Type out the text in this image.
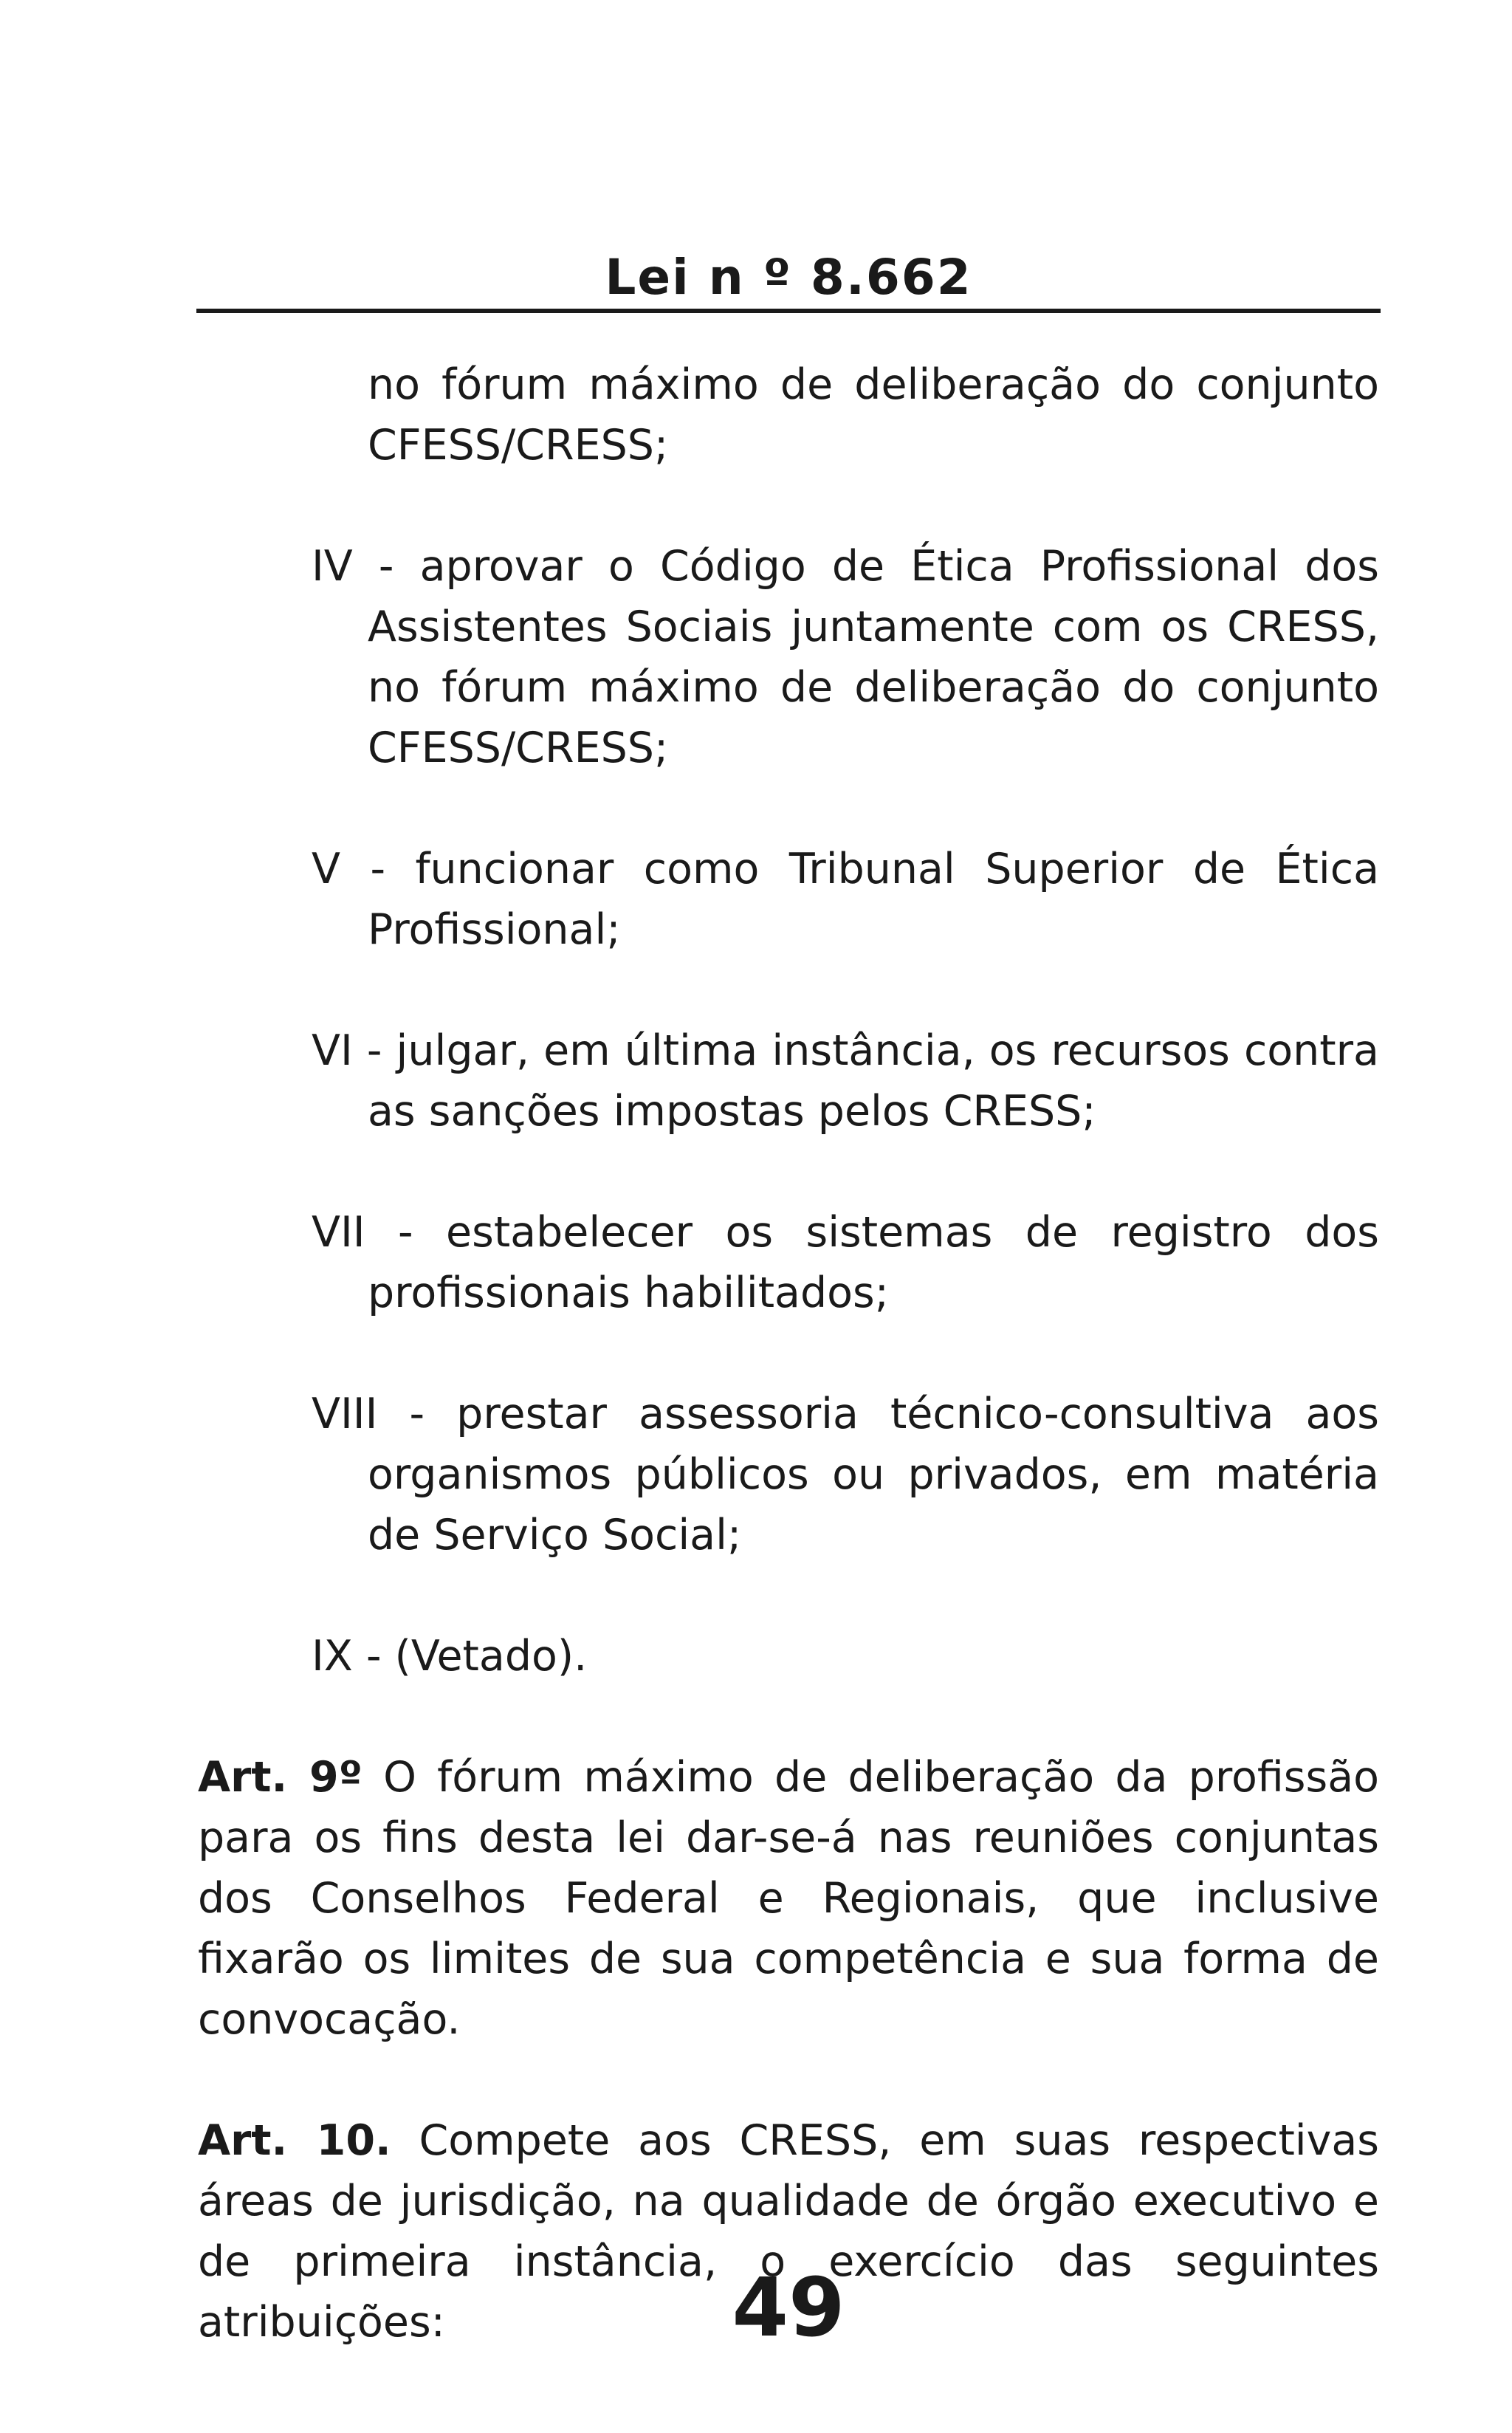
Lei n º 8.662

no fórum máximo de deliberação do conjunto CFESS/CRESS;

IV - aprovar o Código de Ética Profissional dos Assistentes Sociais juntamente com os CRESS, no fórum máximo de deliberação do conjunto CFESS/CRESS;

V - funcionar como Tribunal Superior de Ética Profissional;

VI - julgar, em última instância, os recursos contra as sanções impostas pelos CRESS;

VII - estabelecer os sistemas de registro dos profissionais habilitados;

VIII - prestar assessoria técnico-consultiva aos organismos públicos ou privados, em matéria de Serviço Social;

IX - (Vetado).

Art. 9º O fórum máximo de deliberação da profissão para os fins desta lei dar-se-á nas reuniões conjuntas dos Conselhos Federal e Regionais, que inclusive fixarão os limites de sua competência e sua forma de convocação.

Art. 10. Compete aos CRESS, em suas respectivas áreas de jurisdição, na qualidade de órgão executivo e de primeira instância, o exercício das seguintes atribuições:	49
